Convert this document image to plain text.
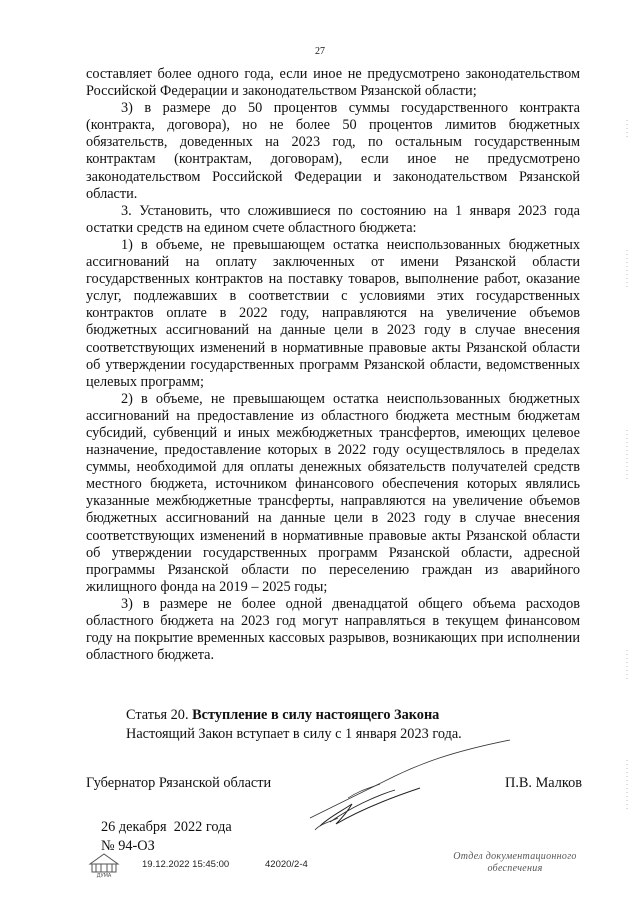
27

составляет более одного года, если иное не предусмотрено законодательством Российской Федерации и законодательством Рязанской области;

3) в размере до 50 процентов суммы государственного контракта (контракта, договора), но не более 50 процентов лимитов бюджетных обязательств, доведенных на 2023 год, по остальным государственным контрактам (контрактам, договорам), если иное не предусмотрено законодательством Российской Федерации и законодательством Рязанской области.

3. Установить, что сложившиеся по состоянию на 1 января 2023 года остатки средств на едином счете областного бюджета:

1) в объеме, не превышающем остатка неиспользованных бюджетных ассигнований на оплату заключенных от имени Рязанской области государственных контрактов на поставку товаров, выполнение работ, оказание услуг, подлежавших в соответствии с условиями этих государственных контрактов оплате в 2022 году, направляются на увеличение объемов бюджетных ассигнований на данные цели в 2023 году в случае внесения соответствующих изменений в нормативные правовые акты Рязанской области об утверждении государственных программ Рязанской области, ведомственных целевых программ;

2) в объеме, не превышающем остатка неиспользованных бюджетных ассигнований на предоставление из областного бюджета местным бюджетам субсидий, субвенций и иных межбюджетных трансфертов, имеющих целевое назначение, предоставление которых в 2022 году осуществлялось в пределах суммы, необходимой для оплаты денежных обязательств получателей средств местного бюджета, источником финансового обеспечения которых являлись указанные межбюджетные трансферты, направляются на увеличение объемов бюджетных ассигнований на данные цели в 2023 году в случае внесения соответствующих изменений в нормативные правовые акты Рязанской области об утверждении государственных программ Рязанской области, адресной программы Рязанской области по переселению граждан из аварийного жилищного фонда на 2019 – 2025 годы;

3) в размере не более одной двенадцатой общего объема расходов областного бюджета на 2023 год могут направляться в текущем финансовом году на покрытие временных кассовых разрывов, возникающих при исполнении областного бюджета.

Статья 20. Вступление в силу настоящего Закона
Настоящий Закон вступает в силу с 1 января 2023 года.
Губернатор Рязанской области	П.В. Малков
26 декабря  2022 года
№ 94-ОЗ
ДУМА
19.12.2022 15:45:00	42020/2-4
Отдел документационного
обеспечения
